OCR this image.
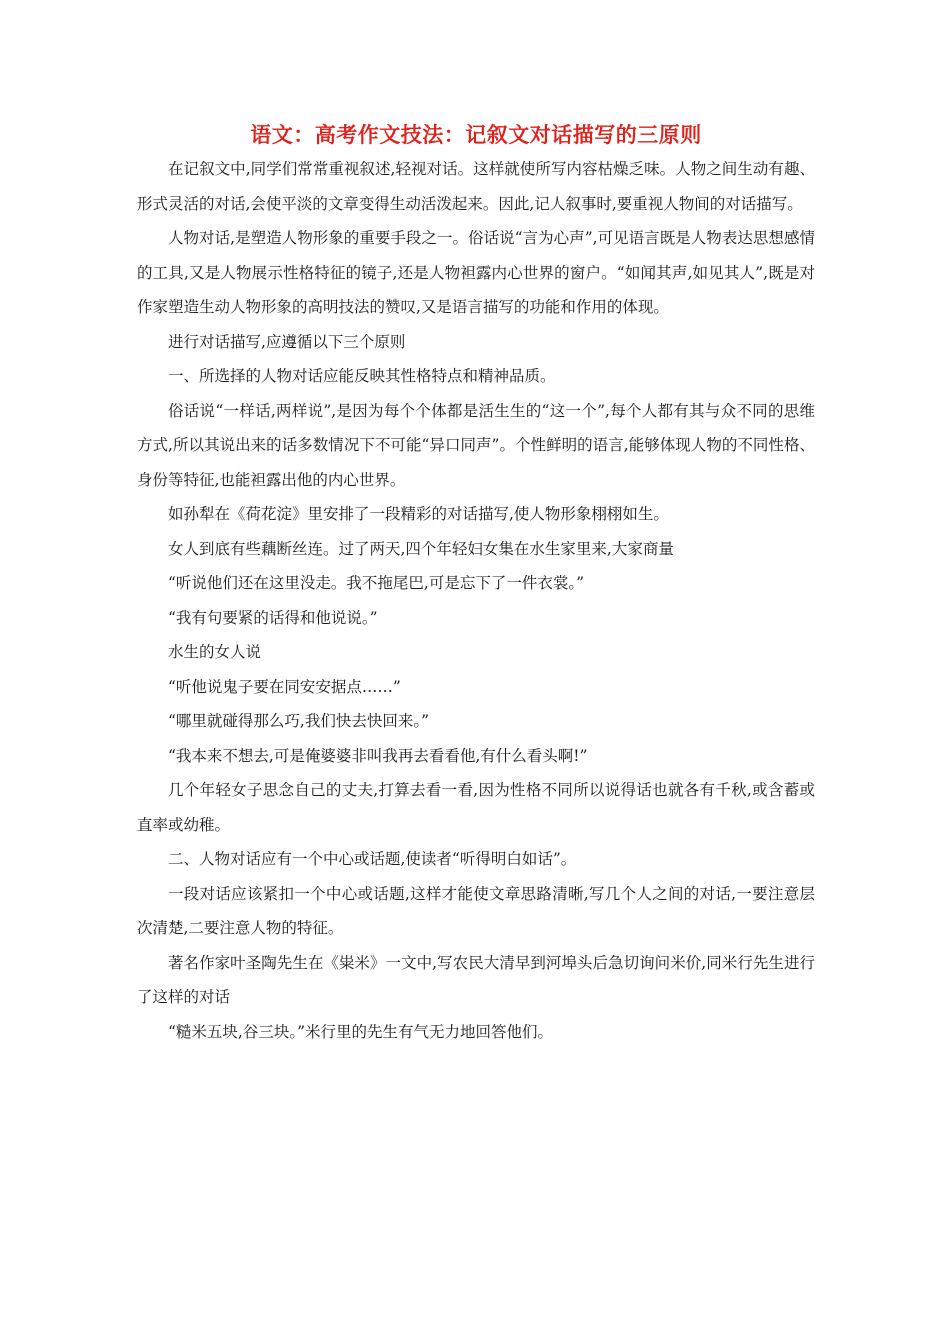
语文：高考作文技法：记叙文对话描写的三原则

在记叙文中,同学们常常重视叙述,轻视对话。这样就使所写内容枯燥乏味。人物之间生动有趣、形式灵活的对话,会使平淡的文章变得生动活泼起来。因此,记人叙事时,要重视人物间的对话描写。

人物对话,是塑造人物形象的重要手段之一。俗话说“言为心声”,可见语言既是人物表达思想感情的工具,又是人物展示性格特征的镜子,还是人物袒露内心世界的窗户。“如闻其声,如见其人”,既是对作家塑造生动人物形象的高明技法的赞叹,又是语言描写的功能和作用的体现。

进行对话描写,应遵循以下三个原则

一、所选择的人物对话应能反映其性格特点和精神品质。

俗话说“一样话,两样说”,是因为每个个体都是活生生的“这一个”,每个人都有其与众不同的思维方式,所以其说出来的话多数情况下不可能“异口同声”。个性鲜明的语言,能够体现人物的不同性格、身份等特征,也能袒露出他的内心世界。

如孙犁在《荷花淀》里安排了一段精彩的对话描写,使人物形象栩栩如生。

女人到底有些藕断丝连。过了两天,四个年轻妇女集在水生家里来,大家商量

“听说他们还在这里没走。我不拖尾巴,可是忘下了一件衣裳。”

“我有句要紧的话得和他说说。”

水生的女人说

“听他说鬼子要在同安安据点……”

“哪里就碰得那么巧,我们快去快回来。”

“我本来不想去,可是俺婆婆非叫我再去看看他,有什么看头啊!”

几个年轻女子思念自己的丈夫,打算去看一看,因为性格不同所以说得话也就各有千秋,或含蓄或直率或幼稚。

二、人物对话应有一个中心或话题,使读者“听得明白如话”。

一段对话应该紧扣一个中心或话题,这样才能使文章思路清晰,写几个人之间的对话,一要注意层次清楚,二要注意人物的特征。

著名作家叶圣陶先生在《粜米》一文中,写农民大清早到河埠头后急切询问米价,同米行先生进行了这样的对话

“糙米五块,谷三块。”米行里的先生有气无力地回答他们。
